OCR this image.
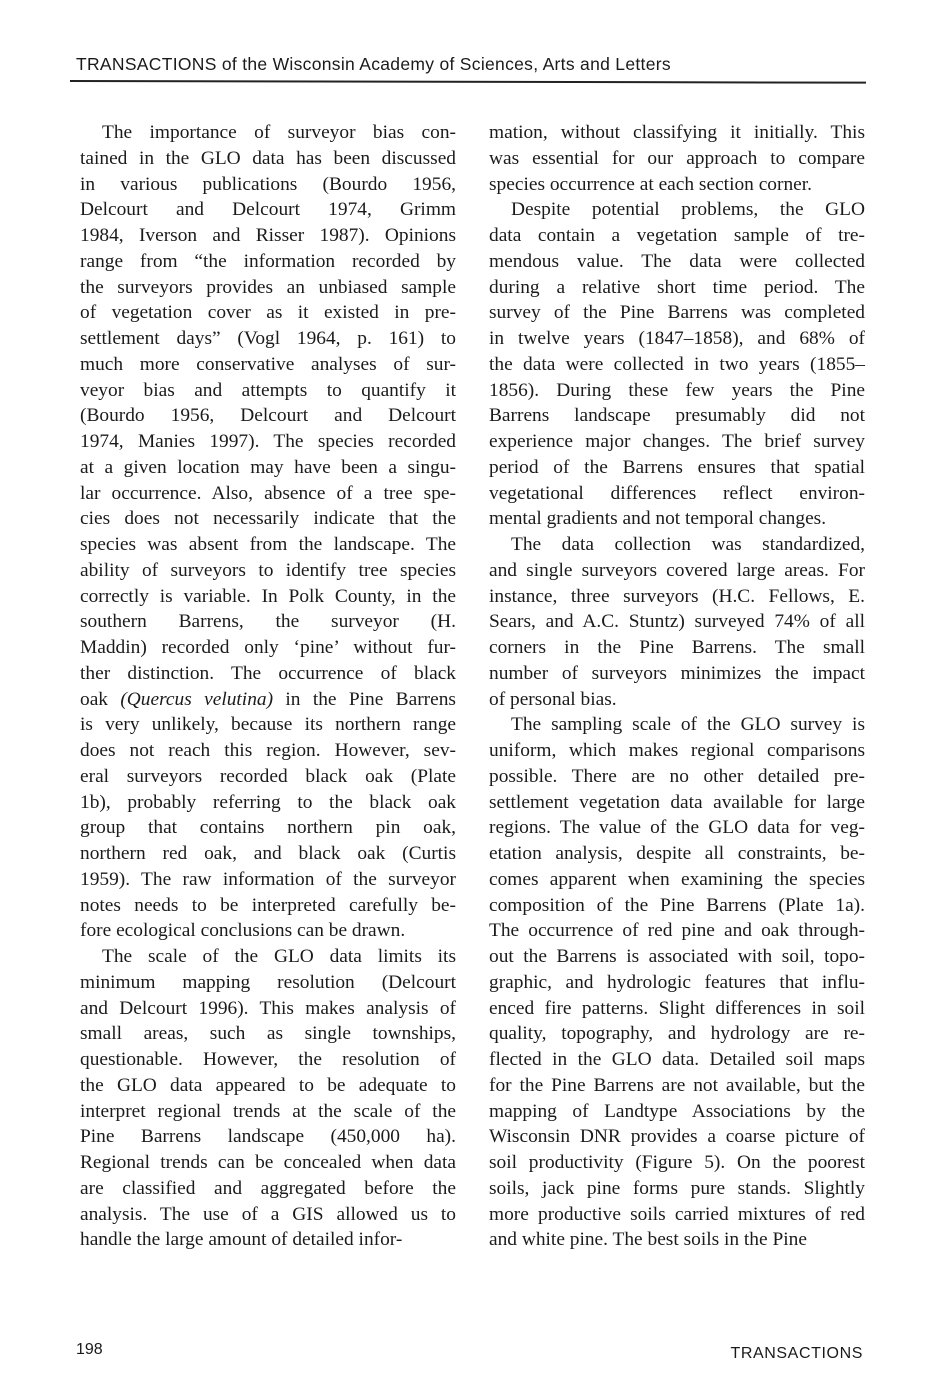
TRANSACTIONS of the Wisconsin Academy of Sciences, Arts and Letters

The importance of surveyor bias con-
tained in the GLO data has been discussed
in various publications (Bourdo 1956,
Delcourt and Delcourt 1974, Grimm
1984, Iverson and Risser 1987). Opinions
range from “the information recorded by
the surveyors provides an unbiased sample
of vegetation cover as it existed in pre-
settlement days” (Vogl 1964, p. 161) to
much more conservative analyses of sur-
veyor bias and attempts to quantify it
(Bourdo 1956, Delcourt and Delcourt
1974, Manies 1997). The species recorded
at a given location may have been a singu-
lar occurrence. Also, absence of a tree spe-
cies does not necessarily indicate that the
species was absent from the landscape. The
ability of surveyors to identify tree species
correctly is variable. In Polk County, in the
southern Barrens, the surveyor (H.
Maddin) recorded only ‘pine’ without fur-
ther distinction. The occurrence of black
oak (Quercus velutina) in the Pine Barrens
is very unlikely, because its northern range
does not reach this region. However, sev-
eral surveyors recorded black oak (Plate
1b), probably referring to the black oak
group that contains northern pin oak,
northern red oak, and black oak (Curtis
1959). The raw information of the surveyor
notes needs to be interpreted carefully be-
fore ecological conclusions can be drawn.

The scale of the GLO data limits its
minimum mapping resolution (Delcourt
and Delcourt 1996). This makes analysis of
small areas, such as single townships,
questionable. However, the resolution of
the GLO data appeared to be adequate to
interpret regional trends at the scale of the
Pine Barrens landscape (450,000 ha).
Regional trends can be concealed when data
are classified and aggregated before the
analysis. The use of a GIS allowed us to
handle the large amount of detailed infor-

mation, without classifying it initially. This
was essential for our approach to compare
species occurrence at each section corner.

Despite potential problems, the GLO
data contain a vegetation sample of tre-
mendous value. The data were collected
during a relative short time period. The
survey of the Pine Barrens was completed
in twelve years (1847–1858), and 68% of
the data were collected in two years (1855–
1856). During these few years the Pine
Barrens landscape presumably did not
experience major changes. The brief survey
period of the Barrens ensures that spatial
vegetational differences reflect environ-
mental gradients and not temporal changes.

The data collection was standardized,
and single surveyors covered large areas. For
instance, three surveyors (H.C. Fellows, E.
Sears, and A.C. Stuntz) surveyed 74% of all
corners in the Pine Barrens. The small
number of surveyors minimizes the impact
of personal bias.

The sampling scale of the GLO survey is
uniform, which makes regional comparisons
possible. There are no other detailed pre-
settlement vegetation data available for large
regions. The value of the GLO data for veg-
etation analysis, despite all constraints, be-
comes apparent when examining the species
composition of the Pine Barrens (Plate 1a).
The occurrence of red pine and oak through-
out the Barrens is associated with soil, topo-
graphic, and hydrologic features that influ-
enced fire patterns. Slight differences in soil
quality, topography, and hydrology are re-
flected in the GLO data. Detailed soil maps
for the Pine Barrens are not available, but the
mapping of Landtype Associations by the
Wisconsin DNR provides a coarse picture of
soil productivity (Figure 5). On the poorest
soils, jack pine forms pure stands. Slightly
more productive soils carried mixtures of red
and white pine. The best soils in the Pine

198	TRANSACTIONS
